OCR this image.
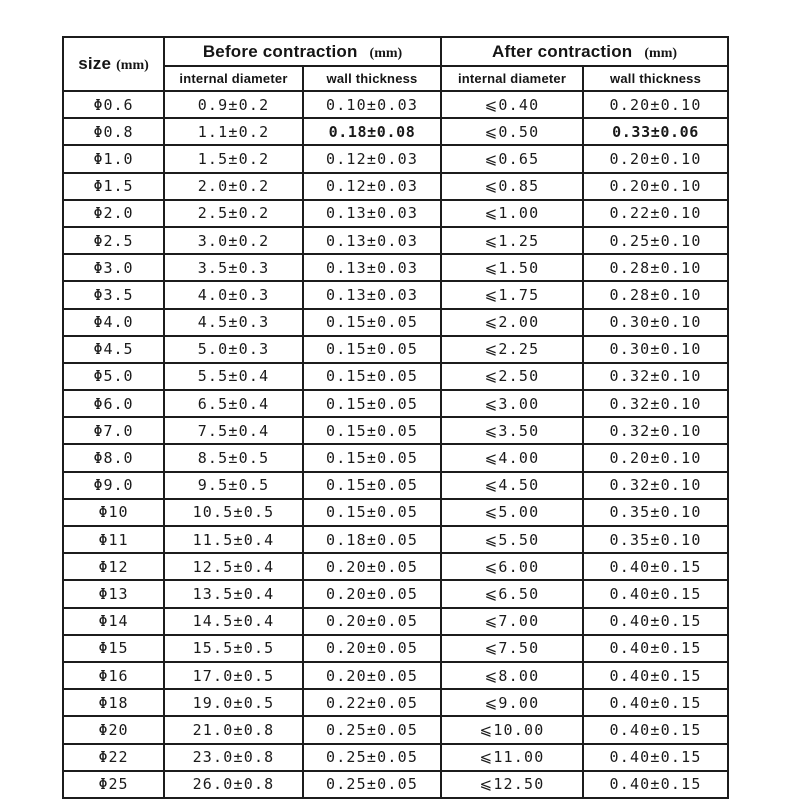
size (mm)	Before contraction (mm)		After contraction (mm)	
	internal diameter	wall thickness	internal diameter	wall thickness
Φ0.6	0.9±0.2	0.10±0.03	⩽0.40	0.20±0.10
Φ0.8	1.1±0.2	0.18±0.08	⩽0.50	0.33±0.06
Φ1.0	1.5±0.2	0.12±0.03	⩽0.65	0.20±0.10
Φ1.5	2.0±0.2	0.12±0.03	⩽0.85	0.20±0.10
Φ2.0	2.5±0.2	0.13±0.03	⩽1.00	0.22±0.10
Φ2.5	3.0±0.2	0.13±0.03	⩽1.25	0.25±0.10
Φ3.0	3.5±0.3	0.13±0.03	⩽1.50	0.28±0.10
Φ3.5	4.0±0.3	0.13±0.03	⩽1.75	0.28±0.10
Φ4.0	4.5±0.3	0.15±0.05	⩽2.00	0.30±0.10
Φ4.5	5.0±0.3	0.15±0.05	⩽2.25	0.30±0.10
Φ5.0	5.5±0.4	0.15±0.05	⩽2.50	0.32±0.10
Φ6.0	6.5±0.4	0.15±0.05	⩽3.00	0.32±0.10
Φ7.0	7.5±0.4	0.15±0.05	⩽3.50	0.32±0.10
Φ8.0	8.5±0.5	0.15±0.05	⩽4.00	0.20±0.10
Φ9.0	9.5±0.5	0.15±0.05	⩽4.50	0.32±0.10
Φ10	10.5±0.5	0.15±0.05	⩽5.00	0.35±0.10
Φ11	11.5±0.4	0.18±0.05	⩽5.50	0.35±0.10
Φ12	12.5±0.4	0.20±0.05	⩽6.00	0.40±0.15
Φ13	13.5±0.4	0.20±0.05	⩽6.50	0.40±0.15
Φ14	14.5±0.4	0.20±0.05	⩽7.00	0.40±0.15
Φ15	15.5±0.5	0.20±0.05	⩽7.50	0.40±0.15
Φ16	17.0±0.5	0.20±0.05	⩽8.00	0.40±0.15
Φ18	19.0±0.5	0.22±0.05	⩽9.00	0.40±0.15
Φ20	21.0±0.8	0.25±0.05	⩽10.00	0.40±0.15
Φ22	23.0±0.8	0.25±0.05	⩽11.00	0.40±0.15
Φ25	26.0±0.8	0.25±0.05	⩽12.50	0.40±0.15
